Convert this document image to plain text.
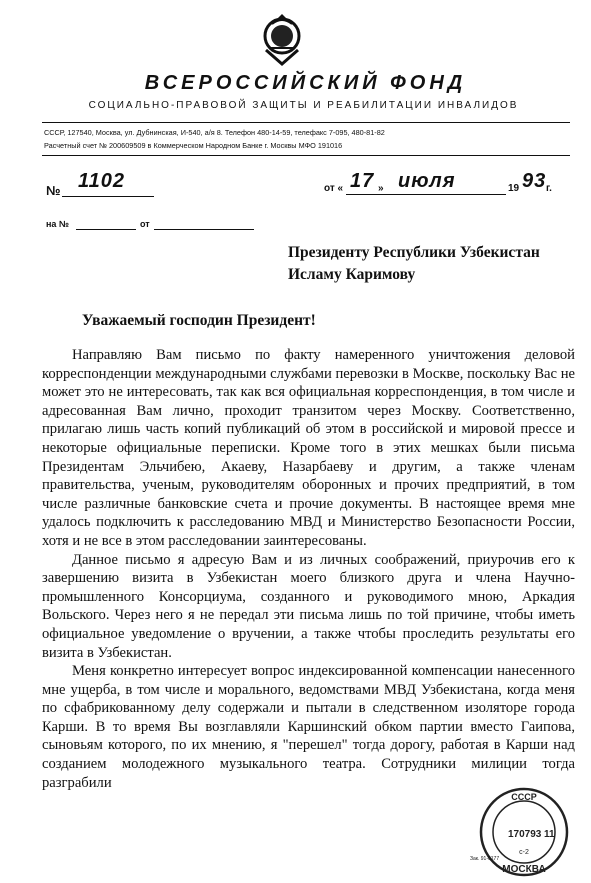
ВСЕРОССИЙСКИЙ ФОНД
СОЦИАЛЬНО-ПРАВОВОЙ ЗАЩИТЫ И РЕАБИЛИТАЦИИ ИНВАЛИДОВ
СССР, 127540, Москва, ул. Дубнинская, И-540, а/я 8. Телефон 480-14-59, телефакс 7-095, 480-81-82
Расчетный счет № 200609509 в Коммерческом Народном Банке г. Москвы МФО 191016
№ 1102	от « 17 » июля	19 93 г.
на №	от
Президенту Республики Узбекистан
Исламу Каримову
Уважаемый господин Президент!

Направляю Вам письмо по факту намеренного уничтожения деловой корреспонденции международными службами перевозки в Москве, поскольку Вас не может это не интересовать, так как вся официальная корреспонденция, в том числе и адресованная Вам лично, проходит транзитом через Москву. Соответственно, прилагаю лишь часть копий публикаций об этом в российской и мировой прессе и некоторые официальные переписки. Кроме того в этих мешках были письма Президентам Эльчибею, Акаеву, Назарбаеву и другим, а также членам правительства, ученым, руководителям оборонных и прочих предприятий, в том числе различные банковские счета и прочие документы. В настоящее время мне удалось подключить к расследованию МВД и Министерство Безопасности России, хотя и не все в этом расследовании заинтересованы.

Данное письмо я адресую Вам и из личных соображений, приурочив его к завершению визита в Узбекистан моего близкого друга и члена Научно-промышленного Консорциума, созданного и руководимого мною, Аркадия Вольского. Через него я не передал эти письма лишь по той причине, чтобы иметь официальное уведомление о вручении, а также чтобы проследить результаты его визита в Узбекистан.

Меня конкретно интересует вопрос индексированной компенсации нанесенного мне ущерба, в том числе и морального, ведомствами МВД Узбекистана, когда меня по сфабрикованному делу содержали и пытали в следственном изоляторе города Карши. В то время Вы возглавляли Каршинский обком партии вместо Гаипова, сыновьям которого, по их мнению, я "перешел" тогда дорогу, работая в Карши над созданием молодежного музыкального театра. Сотрудники милиции тогда разграбили

СССР
170793 11
с-2
МОСКВА
Зак. 91-6177
